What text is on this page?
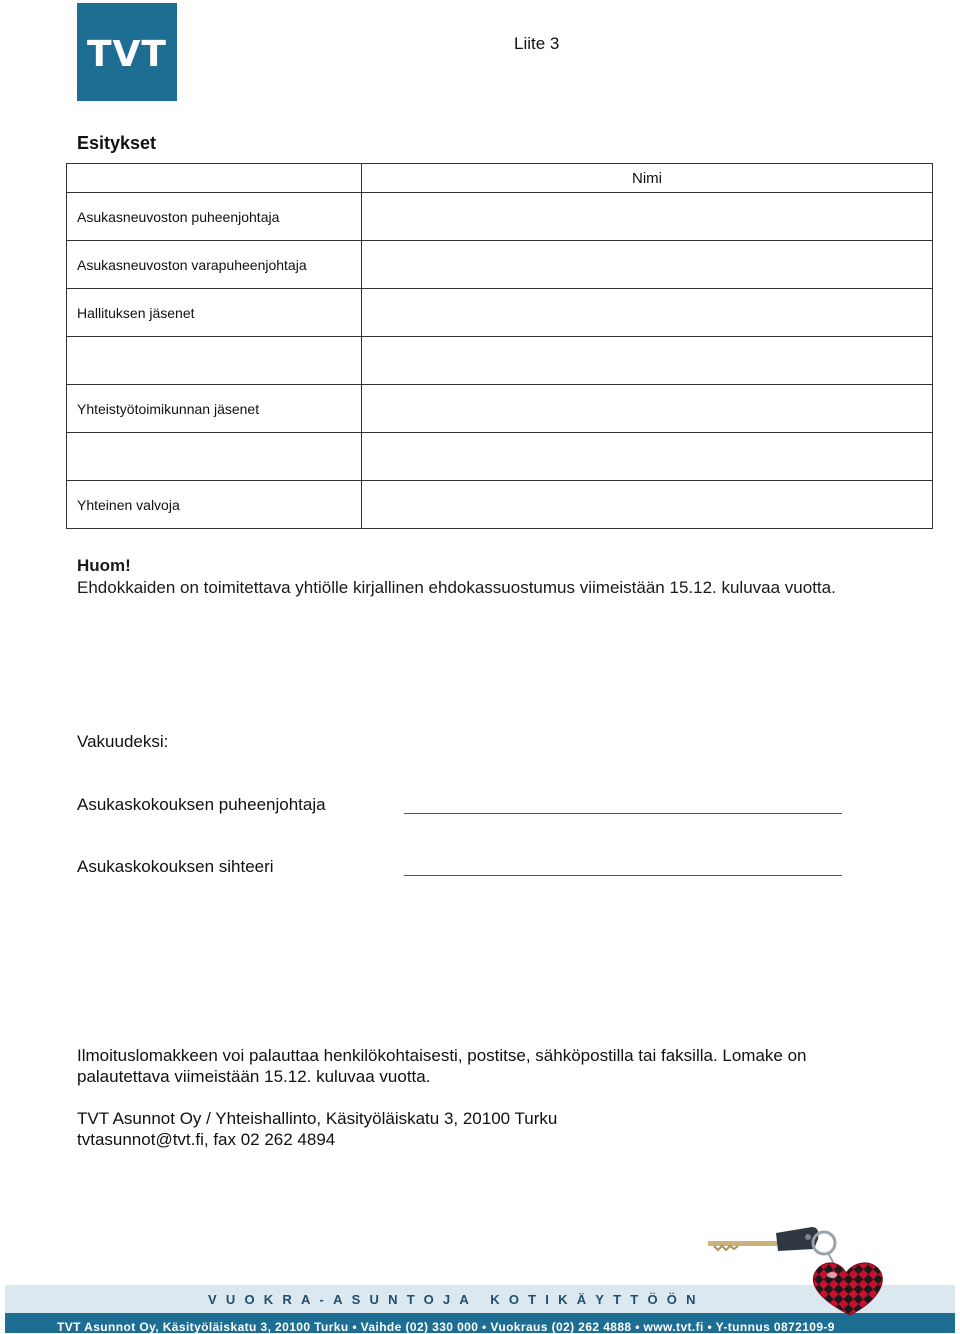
TVT	Liite 3
Esitykset
	Nimi
Asukasneuvoston puheenjohtaja	
Asukasneuvoston varapuheenjohtaja	
Hallituksen jäsenet	

Yhteistyötoimikunnan jäsenet	

Yhteinen valvoja	
Huom!
Ehdokkaiden on toimitettava yhtiölle kirjallinen ehdokassuostumus viimeistään 15.12. kuluvaa vuotta.
Vakuudeksi:
Asukaskokouksen puheenjohtaja
Asukaskokouksen sihteeri
Ilmoituslomakkeen voi palauttaa henkilökohtaisesti, postitse, sähköpostilla tai faksilla. Lomake on palautettava viimeistään 15.12. kuluvaa vuotta.
TVT Asunnot Oy / Yhteishallinto, Käsityöläiskatu 3, 20100 Turku
tvtasunnot@tvt.fi, fax 02 262 4894
VUOKRA-ASUNTOJA KOTIKÄYTTÖÖN
TVT Asunnot Oy, Käsityöläiskatu 3, 20100 Turku • Vaihde (02) 330 000 • Vuokraus (02) 262 4888 • www.tvt.fi • Y-tunnus 0872109-9
